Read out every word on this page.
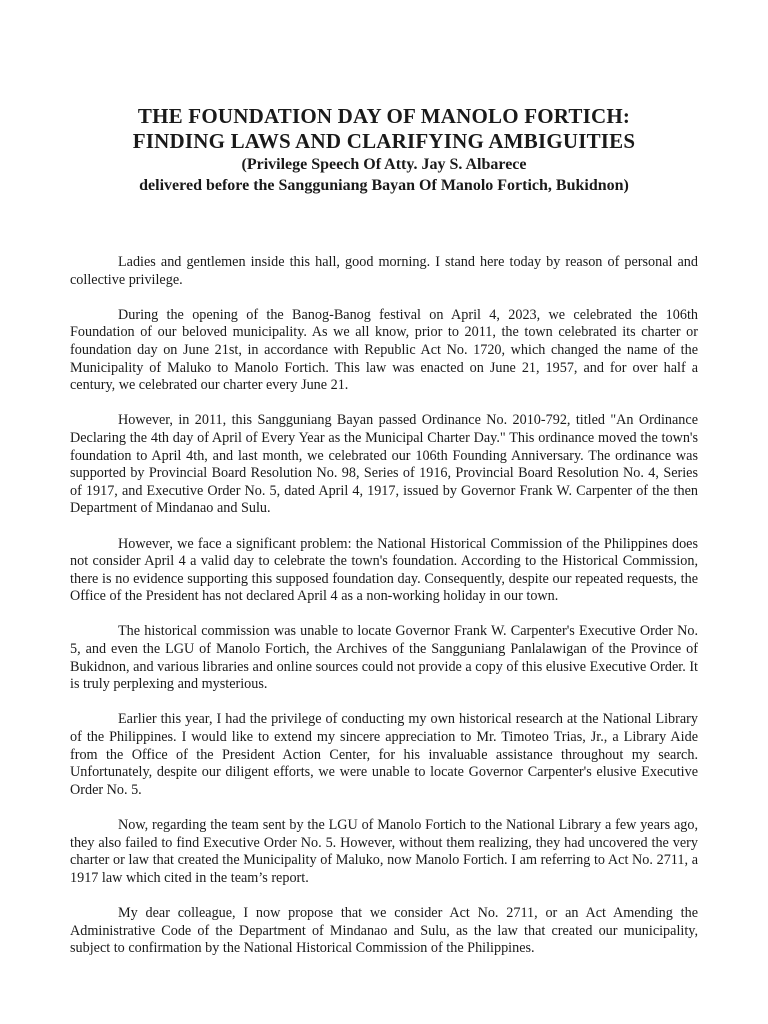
THE FOUNDATION DAY OF MANOLO FORTICH:

FINDING LAWS AND CLARIFYING AMBIGUITIES

(Privilege Speech Of Atty. Jay S. Albarece

delivered before the Sangguniang Bayan Of Manolo Fortich, Bukidnon)

Ladies and gentlemen inside this hall, good morning. I stand here today by reason of personal and collective privilege.

During the opening of the Banog-Banog festival on April 4, 2023, we celebrated the 106th Foundation of our beloved municipality. As we all know, prior to 2011, the town celebrated its charter or foundation day on June 21st, in accordance with Republic Act No. 1720, which changed the name of the Municipality of Maluko to Manolo Fortich. This law was enacted on June 21, 1957, and for over half a century, we celebrated our charter every June 21.

However, in 2011, this Sangguniang Bayan passed Ordinance No. 2010-792, titled "An Ordinance Declaring the 4th day of April of Every Year as the Municipal Charter Day." This ordinance moved the town's foundation to April 4th, and last month, we celebrated our 106th Founding Anniversary. The ordinance was supported by Provincial Board Resolution No. 98, Series of 1916, Provincial Board Resolution No. 4, Series of 1917, and Executive Order No. 5, dated April 4, 1917, issued by Governor Frank W. Carpenter of the then Department of Mindanao and Sulu.

However, we face a significant problem: the National Historical Commission of the Philippines does not consider April 4 a valid day to celebrate the town's foundation. According to the Historical Commission, there is no evidence supporting this supposed foundation day. Consequently, despite our repeated requests, the Office of the President has not declared April 4 as a non-working holiday in our town.

The historical commission was unable to locate Governor Frank W. Carpenter's Executive Order No. 5, and even the LGU of Manolo Fortich, the Archives of the Sangguniang Panlalawigan of the Province of Bukidnon, and various libraries and online sources could not provide a copy of this elusive Executive Order. It is truly perplexing and mysterious.

Earlier this year, I had the privilege of conducting my own historical research at the National Library of the Philippines. I would like to extend my sincere appreciation to Mr. Timoteo Trias, Jr., a Library Aide from the Office of the President Action Center, for his invaluable assistance throughout my search. Unfortunately, despite our diligent efforts, we were unable to locate Governor Carpenter's elusive Executive Order No. 5.

Now, regarding the team sent by the LGU of Manolo Fortich to the National Library a few years ago, they also failed to find Executive Order No. 5. However, without them realizing, they had uncovered the very charter or law that created the Municipality of Maluko, now Manolo Fortich. I am referring to Act No. 2711, a 1917 law which cited in the team’s report.

My dear colleague, I now propose that we consider Act No. 2711, or an Act Amending the Administrative Code of the Department of Mindanao and Sulu, as the law that created our municipality, subject to confirmation by the National Historical Commission of the Philippines.
